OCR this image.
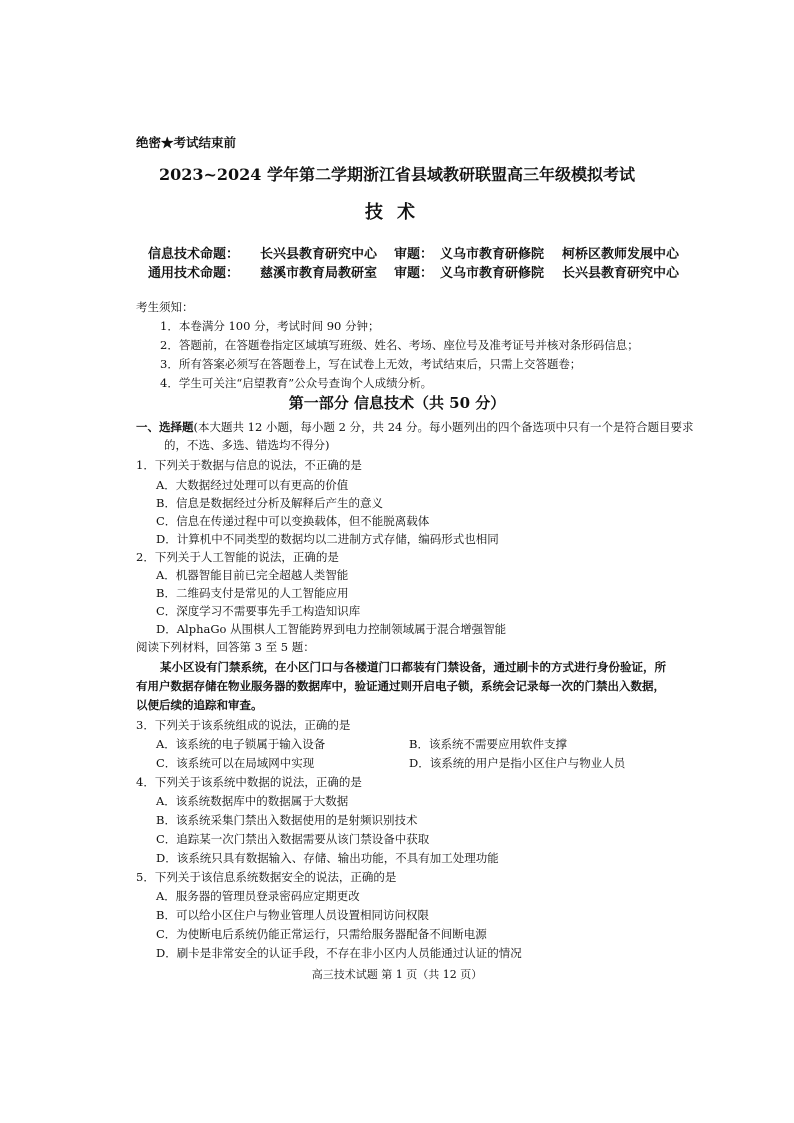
绝密★考试结束前
2023~2024 学年第二学期浙江省县域教研联盟高三年级模拟考试
技术
信息技术命题： 长兴县教育研究中心 审题： 义乌市教育研修院 柯桥区教师发展中心
通用技术命题： 慈溪市教育局教研室 审题： 义乌市教育研修院 长兴县教育研究中心
考生须知：
1．本卷满分 100 分，考试时间 90 分钟；
2．答题前，在答题卷指定区域填写班级、姓名、考场、座位号及准考证号并核对条形码信息；
3．所有答案必须写在答题卷上，写在试卷上无效，考试结束后，只需上交答题卷；
4．学生可关注“启望教育”公众号查询个人成绩分析。
第一部分 信息技术（共 50 分）
一、选择题(本大题共 12 小题，每小题 2 分，共 24 分。每小题列出的四个备选项中只有一个是符合题目要求
的，不选、多选、错选均不得分)
1．下列关于数据与信息的说法，不正确的是
A．大数据经过处理可以有更高的价值
B．信息是数据经过分析及解释后产生的意义
C．信息在传递过程中可以变换载体，但不能脱离载体
D．计算机中不同类型的数据均以二进制方式存储，编码形式也相同
2．下列关于人工智能的说法，正确的是
A．机器智能目前已完全超越人类智能
B．二维码支付是常见的人工智能应用
C．深度学习不需要事先手工构造知识库
D．AlphaGo 从围棋人工智能跨界到电力控制领域属于混合增强智能
阅读下列材料，回答第 3 至 5 题：
某小区设有门禁系统，在小区门口与各楼道门口都装有门禁设备，通过刷卡的方式进行身份验证，所
有用户数据存储在物业服务器的数据库中，验证通过则开启电子锁，系统会记录每一次的门禁出入数据，
以便后续的追踪和审查。
3．下列关于该系统组成的说法，正确的是
A．该系统的电子锁属于输入设备	B．该系统不需要应用软件支撑
C．该系统可以在局域网中实现	D．该系统的用户是指小区住户与物业人员
4．下列关于该系统中数据的说法，正确的是
A．该系统数据库中的数据属于大数据
B．该系统采集门禁出入数据使用的是射频识别技术
C．追踪某一次门禁出入数据需要从该门禁设备中获取
D．该系统只具有数据输入、存储、输出功能，不具有加工处理功能
5．下列关于该信息系统数据安全的说法，正确的是
A．服务器的管理员登录密码应定期更改
B．可以给小区住户与物业管理人员设置相同访问权限
C．为使断电后系统仍能正常运行，只需给服务器配备不间断电源
D．刷卡是非常安全的认证手段，不存在非小区内人员能通过认证的情况
高三技术试题 第 1 页（共 12 页）
